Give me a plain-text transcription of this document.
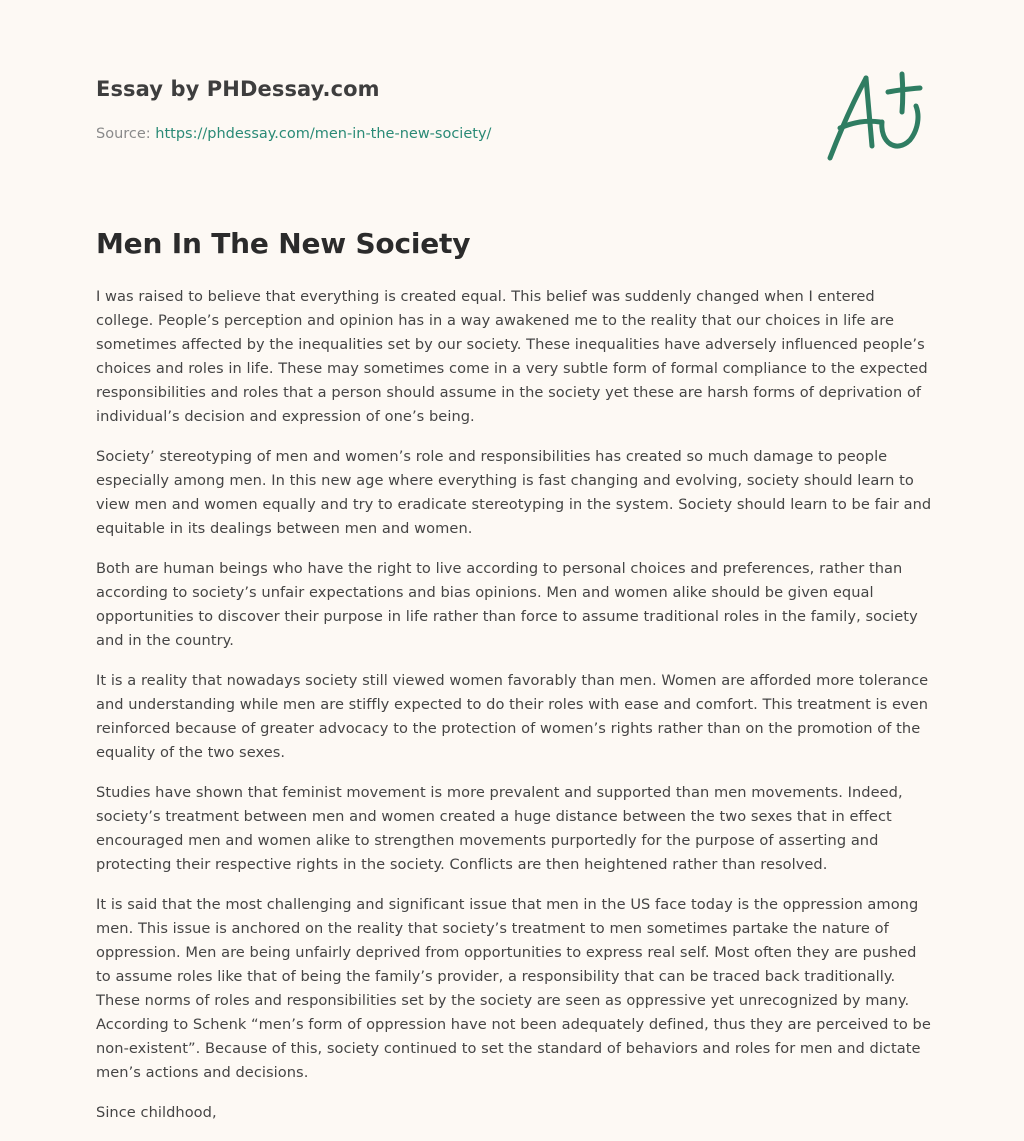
Essay by PHDessay.com
Source: https://phdessay.com/men-in-the-new-society/
Men In The New Society

I was raised to believe that everything is created equal. This belief was suddenly changed when I entered college. People’s perception and opinion has in a way awakened me to the reality that our choices in life are sometimes affected by the inequalities set by our society. These inequalities have adversely influenced people’s choices and roles in life. These may sometimes come in a very subtle form of formal compliance to the expected responsibilities and roles that a person should assume in the society yet these are harsh forms of deprivation of individual’s decision and expression of one’s being.

Society’ stereotyping of men and women’s role and responsibilities has created so much damage to people especially among men. In this new age where everything is fast changing and evolving, society should learn to view men and women equally and try to eradicate stereotyping in the system. Society should learn to be fair and equitable in its dealings between men and women.

Both are human beings who have the right to live according to personal choices and preferences, rather than according to society’s unfair expectations and bias opinions. Men and women alike should be given equal opportunities to discover their purpose in life rather than force to assume traditional roles in the family, society and in the country.

It is a reality that nowadays society still viewed women favorably than men. Women are afforded more tolerance and understanding while men are stiffly expected to do their roles with ease and comfort. This treatment is even reinforced because of greater advocacy to the protection of women’s rights rather than on the promotion of the equality of the two sexes.

Studies have shown that feminist movement is more prevalent and supported than men movements. Indeed, society’s treatment between men and women created a huge distance between the two sexes that in effect encouraged men and women alike to strengthen movements purportedly for the purpose of asserting and protecting their respective rights in the society. Conflicts are then heightened rather than resolved.

It is said that the most challenging and significant issue that men in the US face today is the oppression among men. This issue is anchored on the reality that society’s treatment to men sometimes partake the nature of oppression. Men are being unfairly deprived from opportunities to express real self. Most often they are pushed to assume roles like that of being the family’s provider, a responsibility that can be traced back traditionally. These norms of roles and responsibilities set by the society are seen as oppressive yet unrecognized by many. According to Schenk “men’s form of oppression have not been adequately defined, thus they are perceived to be non-existent”. Because of this, society continued to set the standard of behaviors and roles for men and dictate men’s actions and decisions.

Since childhood,
